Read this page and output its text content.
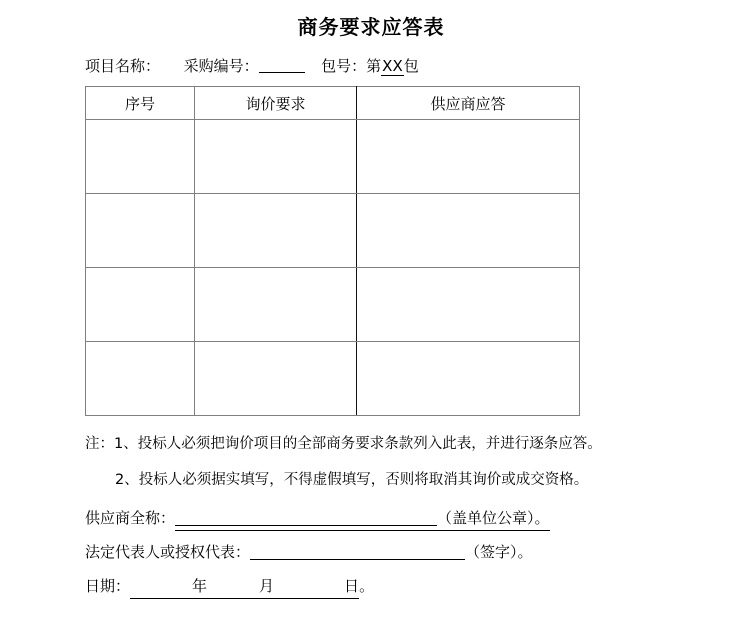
商务要求应答表
项目名称： 采购编号：	包号：第XX包
序号	询价要求	供应商应答

注：1、投标人必须把询价项目的全部商务要求条款列入此表，并进行逐条应答。
2、投标人必须据实填写，不得虚假填写，否则将取消其询价或成交资格。
供应商全称：	（盖单位公章）。
法定代表人或授权代表：	（签字）。
日期：	年	月	日。
